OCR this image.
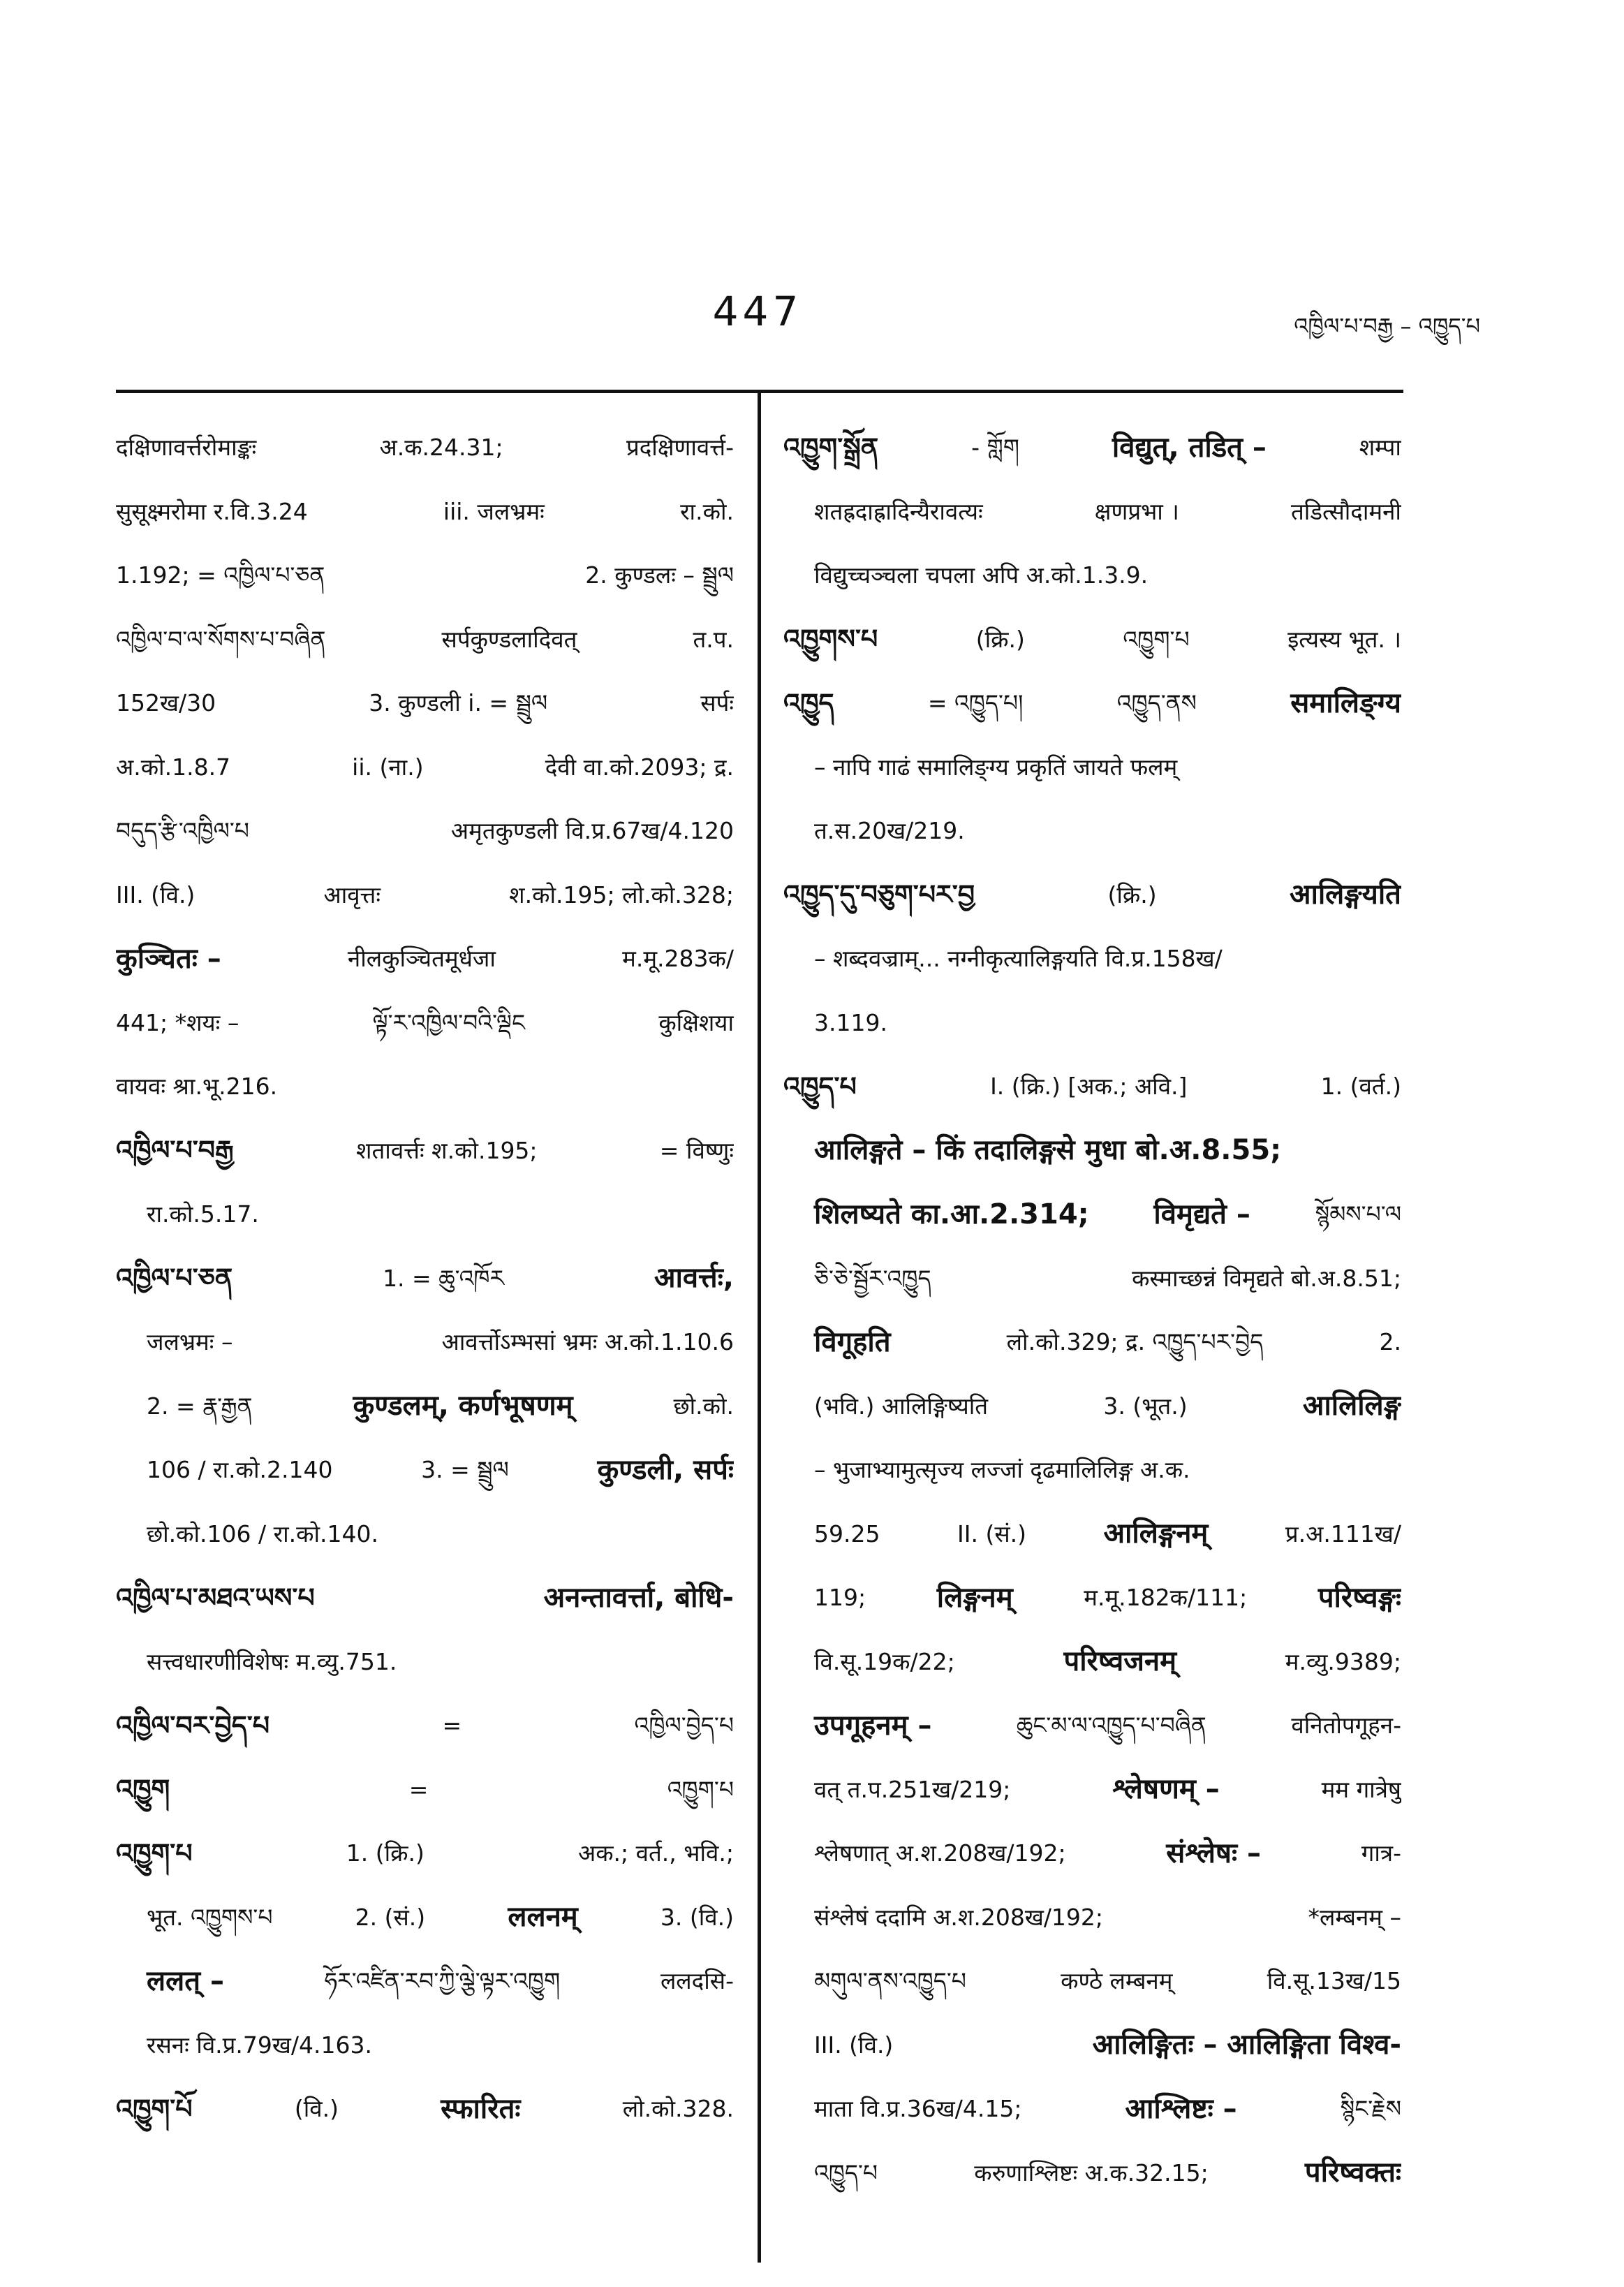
447	འཁྱིལ་པ་བརྒྱ – འཁྱུད་པ
दक्षिणावर्त्तरोमाङ्कः	अ.क.24.31;	प्रदक्षिणावर्त्त-
सुसूक्ष्मरोमा र.वि.3.24	iii. जलभ्रमः	रा.को.
1.192; = འཁྱིལ་པ་ཅན	2. कुण्डलः – སྦྲུལ
འཁྱིལ་བ་ལ་སོགས་པ་བཞིན	सर्पकुण्डलादिवत्	त.प.
152ख/30	3. कुण्डली i. = སྦྲུལ	सर्पः
अ.को.1.8.7	ii. (ना.)	देवी वा.को.2093; द्र.
བདུད་རྩི་འཁྱིལ་པ	अमृतकुण्डली वि.प्र.67ख/4.120
III. (वि.)	आवृत्तः	श.को.195; लो.को.328;
कुञ्चितः –	नीलकुञ्चितमूर्धजा	म.मू.283क/
441; *शयः –	ལྟོ་ར་འཁྱིལ་བའི་ལྡིང	कुक्षिशया
वायवः श्रा.भू.216.
འཁྱིལ་པ་བརྒྱ	शतावर्त्तः श.को.195;	= विष्णुः
रा.को.5.17.
འཁྱིལ་པ་ཅན	1. = ཆུ་འཁོར	आवर्त्तः,
जलभ्रमः –	आवर्त्तोऽम्भसां भ्रमः अ.को.1.10.6
2. = རྣ་རྒྱན	कुण्डलम्, कर्णभूषणम्	छो.को.
106 / रा.को.2.140	3. = སྦྲུལ	कुण्डली, सर्पः
छो.को.106 / रा.को.140.
འཁྱིལ་པ་མཐའ་ཡས་པ	अनन्तावर्त्ता, बोधि-
सत्त्वधारणीविशेषः म.व्यु.751.
འཁྱིལ་བར་བྱེད་པ	=	འཁྱིལ་བྱེད་པ
འཁྱུག	=	འཁྱུག་པ
འཁྱུག་པ	1. (क्रि.)	अक.; वर्त., भवि.;
भूत. འཁྱུགས་པ	2. (सं.)	ललनम्	3. (वि.)
ललत् –	ཧོར་འཛིན་རབ་ཀྱི་ལྕེ་ལྟར་འཁྱུག	ललदसि-
रसनः वि.प्र.79ख/4.163.
འཁྱུག་པོ	(वि.)	स्फारितः	लो.को.328.
འཁྱུག་སྒྲོན	- གློག	विद्युत्, तडित् –	शम्पा
शतह्रदाह्रादिन्यैरावत्यः	क्षणप्रभा ।	तडित्सौदामनी
विद्युच्चञ्चला चपला अपि अ.को.1.3.9.
འཁྱུགས་པ	(क्रि.)	འཁྱུག་པ	इत्यस्य भूत. ।
འཁྱུད	= འཁྱུད་པ།	འཁྱུད་ནས	समालिङ्ग्य
– नापि गाढं समालिङ्ग्य प्रकृतिं जायते फलम्
त.स.20ख/219.
འཁྱུད་དུ་བཅུག་པར་བྱ	(क्रि.)	आलिङ्गयति
– शब्दवज्राम्... नग्नीकृत्यालिङ्गयति वि.प्र.158ख/
3.119.
འཁྱུད་པ	I. (क्रि.) [अक.; अवि.]	1. (वर्त.)
आलिङ्गते – किं तदालिङ्गसे मुधा बो.अ.8.55;
शिलष्यते का.आ.2.314; विमृद्यते –	སྙོམས་པ་ལ
ཅི་ཅེ་སྦྱོར་འཁྱུད	कस्माच्छन्नं विमृद्यते बो.अ.8.51;
विगूहति	लो.को.329; द्र. འཁྱུད་པར་བྱེད	2.
(भवि.) आलिङ्गिष्यति	3. (भूत.)	आलिलिङ्ग
– भुजाभ्यामुत्सृज्य लज्जां दृढमालिलिङ्ग अ.क.
59.25	II. (सं.)	आलिङ्गनम्	प्र.अ.111ख/
119;	लिङ्गनम्	म.मू.182क/111;	परिष्वङ्गः
वि.सू.19क/22;	परिष्वजनम्	म.व्यु.9389;
उपगूहनम् –	ཆུང་མ་ལ་འཁྱུད་པ་བཞིན	वनितोपगूहन-
वत् त.प.251ख/219;	श्लेषणम् –	मम गात्रेषु
श्लेषणात् अ.श.208ख/192;	संश्लेषः –	गात्र-
संश्लेषं ददामि अ.श.208ख/192;	*लम्बनम् –
མགུལ་ནས་འཁྱུད་པ	कण्ठे लम्बनम्	वि.सू.13ख/15
III. (वि.)	आलिङ्गितः – आलिङ्गिता विश्व-
माता वि.प्र.36ख/4.15;	आश्लिष्टः –	སྙིང་རྗེས
འཁྱུད་པ	करुणाश्लिष्टः अ.क.32.15;	परिष्वक्तः
